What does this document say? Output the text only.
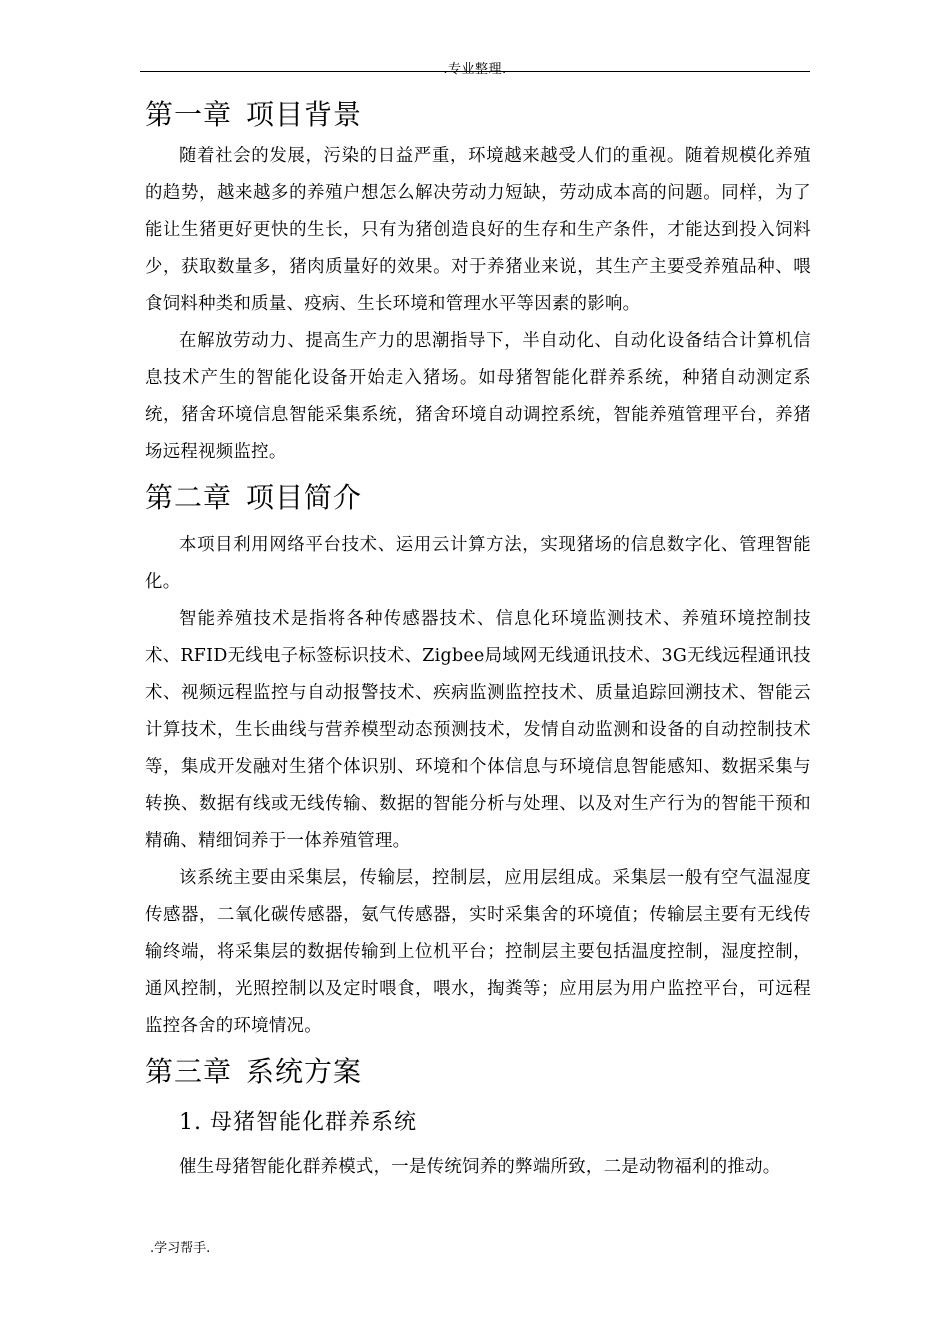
.专业整理.
第一章 项目背景

随着社会的发展，污染的日益严重，环境越来越受人们的重视。随着规模化养殖的趋势，越来越多的养殖户想怎么解决劳动力短缺，劳动成本高的问题。同样，为了能让生猪更好更快的生长，只有为猪创造良好的生存和生产条件，才能达到投入饲料少，获取数量多，猪肉质量好的效果。对于养猪业来说，其生产主要受养殖品种、喂食饲料种类和质量、疫病、生长环境和管理水平等因素的影响。

在解放劳动力、提高生产力的思潮指导下，半自动化、自动化设备结合计算机信息技术产生的智能化设备开始走入猪场。如母猪智能化群养系统，种猪自动测定系统，猪舍环境信息智能采集系统，猪舍环境自动调控系统，智能养殖管理平台，养猪场远程视频监控。

第二章 项目简介

本项目利用网络平台技术、运用云计算方法，实现猪场的信息数字化、管理智能化。

智能养殖技术是指将各种传感器技术、信息化环境监测技术、养殖环境控制技术、RFID无线电子标签标识技术、Zigbee局域网无线通讯技术、3G无线远程通讯技术、视频远程监控与自动报警技术、疾病监测监控技术、质量追踪回溯技术、智能云计算技术，生长曲线与营养模型动态预测技术，发情自动监测和设备的自动控制技术等，集成开发融对生猪个体识别、环境和个体信息与环境信息智能感知、数据采集与转换、数据有线或无线传输、数据的智能分析与处理、以及对生产行为的智能干预和精确、精细饲养于一体养殖管理。

该系统主要由采集层，传输层，控制层，应用层组成。采集层一般有空气温湿度传感器，二氧化碳传感器，氨气传感器，实时采集舍的环境值；传输层主要有无线传输终端，将采集层的数据传输到上位机平台；控制层主要包括温度控制，湿度控制，通风控制，光照控制以及定时喂食，喂水，掏粪等；应用层为用户监控平台，可远程监控各舍的环境情况。

第三章 系统方案
1. 母猪智能化群养系统

催生母猪智能化群养模式，一是传统饲养的弊端所致，二是动物福利的推动。

.学习帮手.
